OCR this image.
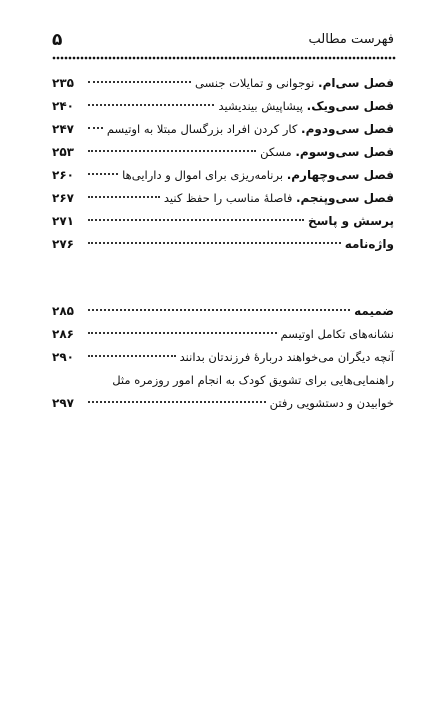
فهرست مطالب
۵
فصل سی‌ام. نوجوانی و تمایلات جنسی
۲۳۵
فصل سی‌ویک. پیشاپیش بیندیشید
۲۴۰
فصل سی‌ودوم. کار کردن افراد بزرگسال مبتلا به اوتیسم
۲۴۷
فصل سی‌وسوم. مسکن
۲۵۳
فصل سی‌وچهارم. برنامه‌ریزی برای اموال و دارایی‌ها
۲۶۰
فصل سی‌وپنجم. فاصلهٔ مناسب را حفظ کنید
۲۶۷
پرسش و پاسخ
۲۷۱
واژه‌نامه
۲۷۶
ضمیمه
۲۸۵
نشانه‌های تکامل اوتیسم
۲۸۶
آنچه دیگران می‌خواهند دربارهٔ فرزندتان بدانند
۲۹۰
راهنمایی‌هایی برای تشویق کودک به انجام امور روزمره مثل
خوابیدن و دستشویی رفتن
۲۹۷
